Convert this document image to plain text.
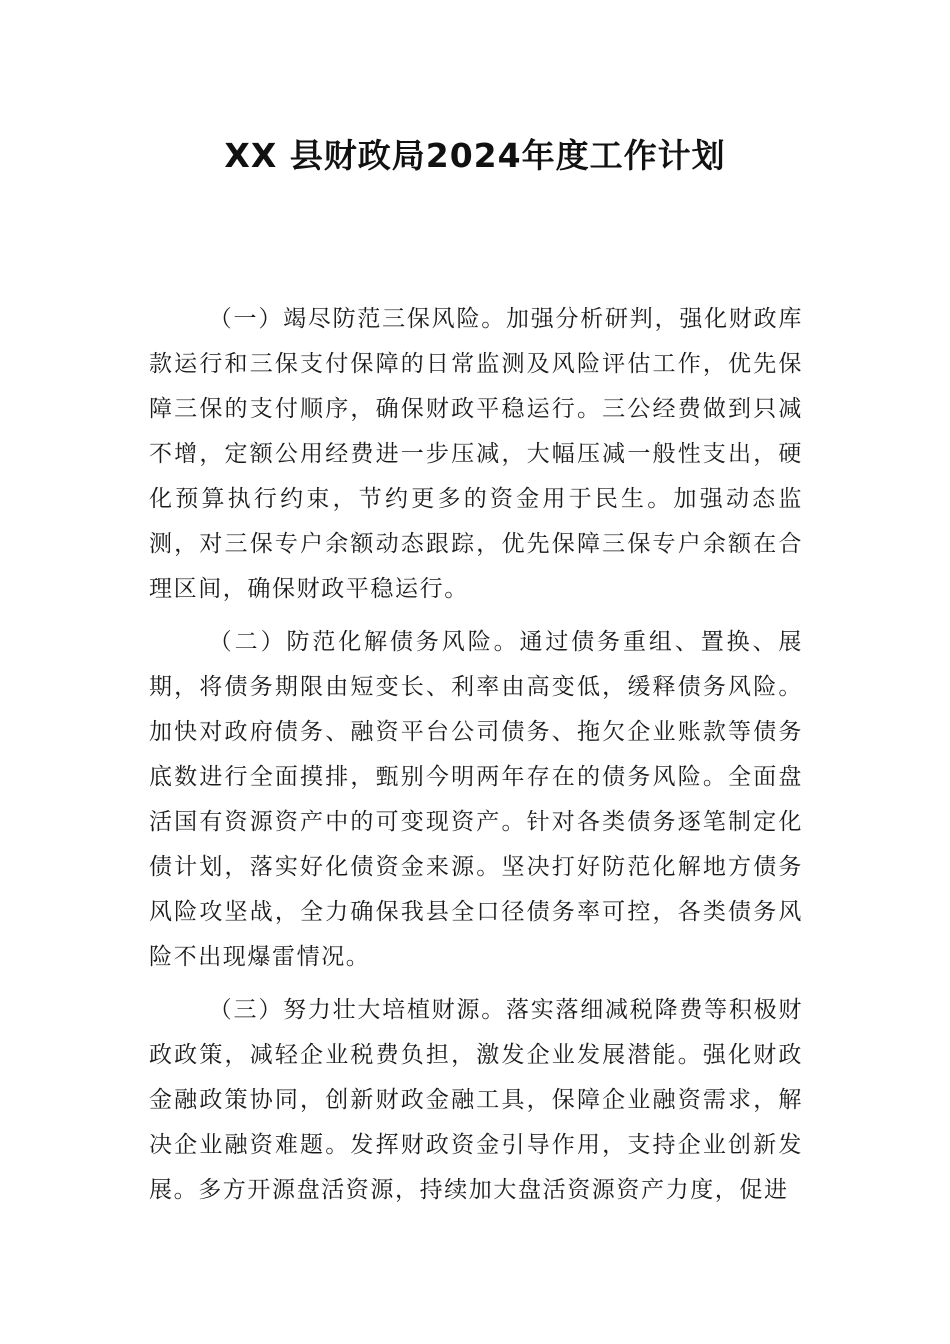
XX 县财政局2024年度工作计划

（一）竭尽防范三保风险。加强分析研判，强化财政库款运行和三保支付保障的日常监测及风险评估工作，优先保障三保的支付顺序，确保财政平稳运行。三公经费做到只减不增，定额公用经费进一步压减，大幅压减一般性支出，硬化预算执行约束，节约更多的资金用于民生。加强动态监测，对三保专户余额动态跟踪，优先保障三保专户余额在合理区间，确保财政平稳运行。

（二）防范化解债务风险。通过债务重组、置换、展期，将债务期限由短变长、利率由高变低，缓释债务风险。加快对政府债务、融资平台公司债务、拖欠企业账款等债务底数进行全面摸排，甄别今明两年存在的债务风险。全面盘活国有资源资产中的可变现资产。针对各类债务逐笔制定化债计划，落实好化债资金来源。坚决打好防范化解地方债务风险攻坚战，全力确保我县全口径债务率可控，各类债务风险不出现爆雷情况。

（三）努力壮大培植财源。落实落细减税降费等积极财政政策，减轻企业税费负担，激发企业发展潜能。强化财政金融政策协同，创新财政金融工具，保障企业融资需求，解决企业融资难题。发挥财政资金引导作用，支持企业创新发展。多方开源盘活资源，持续加大盘活资源资产力度，促进
